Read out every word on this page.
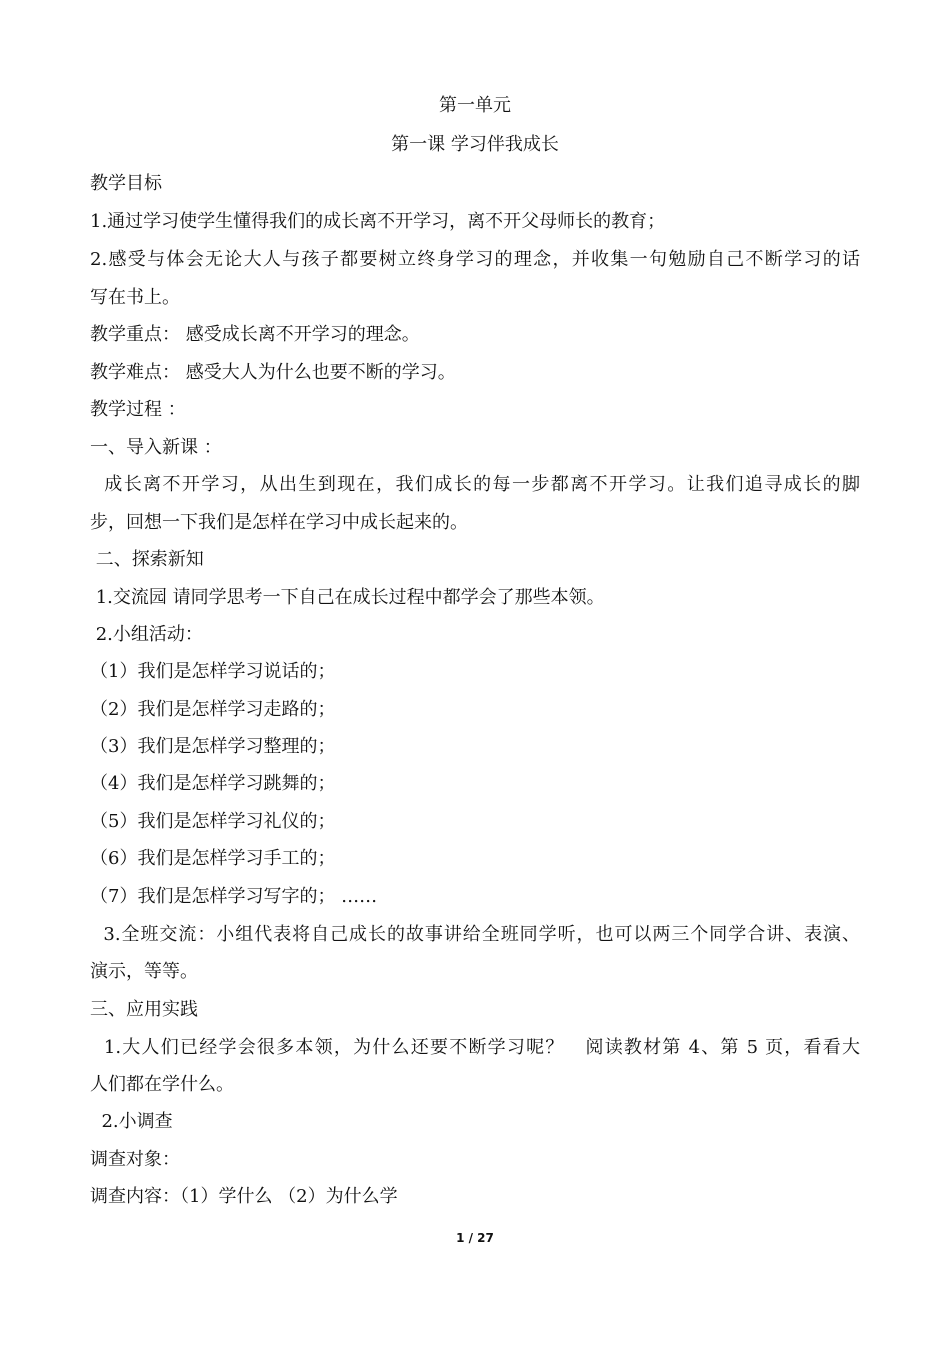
第一单元
第一课 学习伴我成长
教学目标
1.通过学习使学生懂得我们的成长离不开学习，离不开父母师长的教育；
2.感受与体会无论大人与孩子都要树立终身学习的理念，并收集一句勉励自己不断学习的话
写在书上。
教学重点： 感受成长离不开学习的理念。
教学难点： 感受大人为什么也要不断的学习。
教学过程 ：
一、导入新课 ：
成长离不开学习，从出生到现在，我们成长的每一步都离不开学习。让我们追寻成长的脚
步，回想一下我们是怎样在学习中成长起来的。
二、探索新知
1.交流园 请同学思考一下自己在成长过程中都学会了那些本领。
2.小组活动：
（1）我们是怎样学习说话的；
（2）我们是怎样学习走路的；
（3）我们是怎样学习整理的；
（4）我们是怎样学习跳舞的；
（5）我们是怎样学习礼仪的；
（6）我们是怎样学习手工的；
（7）我们是怎样学习写字的； ……
3.全班交流：小组代表将自己成长的故事讲给全班同学听，也可以两三个同学合讲、表演、
演示，等等。
三、应用实践
1.大人们已经学会很多本领，为什么还要不断学习呢？   阅读教材第 4、第 5 页，看看大
人们都在学什么。
2.小调查
调查对象：
调查内容：（1）学什么 （2）为什么学
1 / 27
